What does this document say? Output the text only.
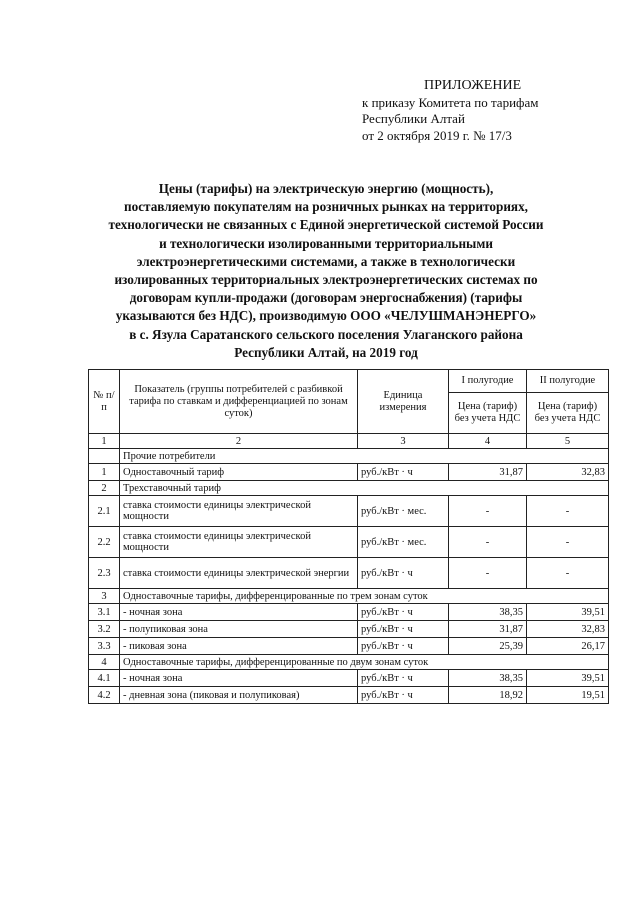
ПРИЛОЖЕНИЕ
к приказу Комитета по тарифам
Республики Алтай
от 2 октября 2019 г. № 17/3
Цены (тарифы) на электрическую энергию (мощность),
поставляемую покупателям на розничных рынках на территориях,
технологически не связанных с Единой энергетической системой России
и технологически изолированными территориальными
электроэнергетическими системами, а также в технологически
изолированных территориальных электроэнергетических системах по
договорам купли-продажи (договорам энергоснабжения) (тарифы
указываются без НДС), производимую ООО «ЧЕЛУШМАНЭНЕРГО»
в с. Язула Саратанского сельского поселения Улаганского района
Республики Алтай, на 2019 год
№ п/п	Показатель (группы потребителей с разбивкой тарифа по ставкам и дифференциацией по зонам суток)	Единица измерения	I полугодие	II полугодие
			Цена (тариф) без учета НДС	Цена (тариф) без учета НДС
1	2	3	4	5
	Прочие потребители			
1	Одноставочный тариф	руб./кВт · ч	31,87	32,83
2	Трехставочный тариф			
2.1	ставка стоимости единицы электрической мощности	руб./кВт · мес.	-	-
2.2	ставка стоимости единицы электрической мощности	руб./кВт · мес.	-	-
2.3	ставка стоимости единицы электрической энергии	руб./кВт · ч	-	-
3	Одноставочные тарифы, дифференцированные по трем зонам суток			
3.1	- ночная зона	руб./кВт · ч	38,35	39,51
3.2	- полупиковая зона	руб./кВт · ч	31,87	32,83
3.3	- пиковая зона	руб./кВт · ч	25,39	26,17
4	Одноставочные тарифы, дифференцированные по двум зонам суток			
4.1	- ночная зона	руб./кВт · ч	38,35	39,51
4.2	- дневная зона (пиковая и полупиковая)	руб./кВт · ч	18,92	19,51
